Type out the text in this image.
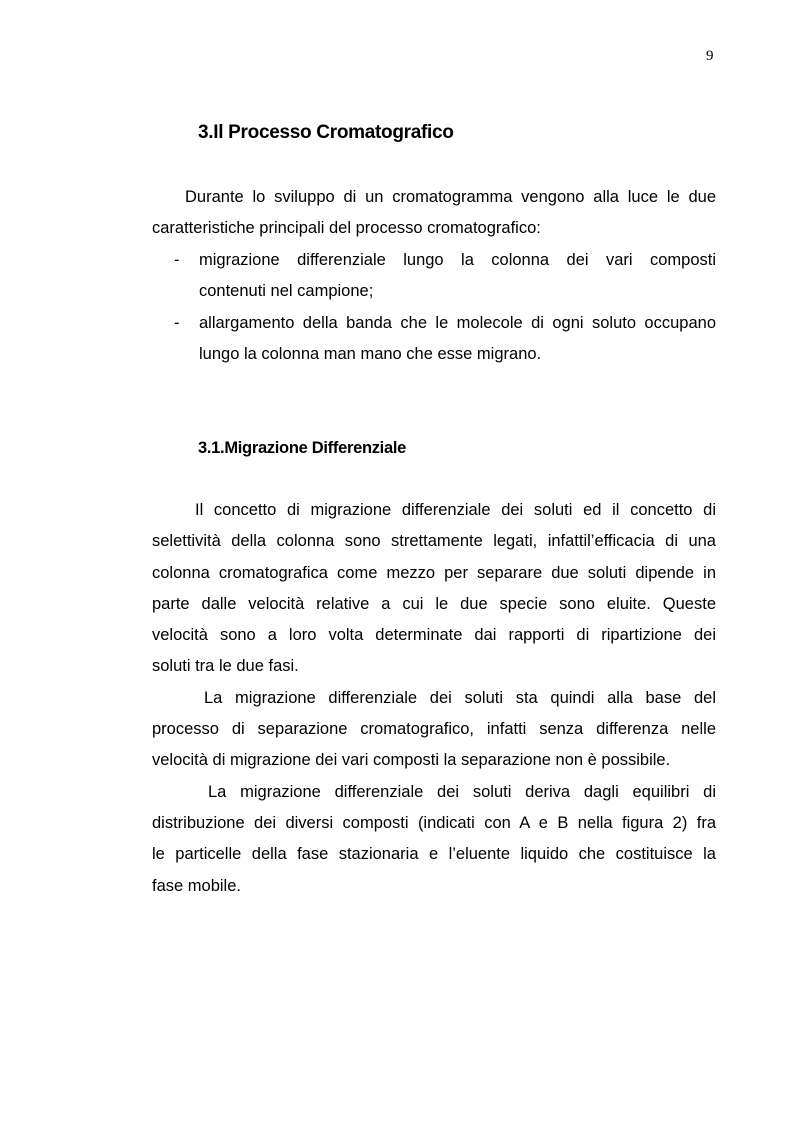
9
3.Il Processo Cromatografico
Durante lo sviluppo di un cromatogramma vengono alla luce le due
caratteristiche principali del processo cromatografico:
- migrazione differenziale lungo la colonna dei vari composti
contenuti nel campione;
- allargamento della banda che le molecole di ogni soluto occupano
lungo la colonna man mano che esse migrano.
3.1.Migrazione Differenziale
Il concetto di migrazione differenziale dei soluti ed il concetto di
selettività della colonna sono strettamente legati, infattil’efficacia di una
colonna cromatografica come mezzo per separare due soluti dipende in
parte dalle velocità relative a cui le due specie sono eluite. Queste
velocità sono a loro volta determinate dai rapporti di ripartizione dei
soluti tra le due fasi.
La migrazione differenziale dei soluti sta quindi alla base del
processo di separazione cromatografico, infatti senza differenza nelle
velocità di migrazione dei vari composti la separazione non è possibile.
La migrazione differenziale dei soluti deriva dagli equilibri di
distribuzione dei diversi composti (indicati con A e B nella figura 2) fra
le particelle della fase stazionaria e l’eluente liquido che costituisce la
fase mobile.
